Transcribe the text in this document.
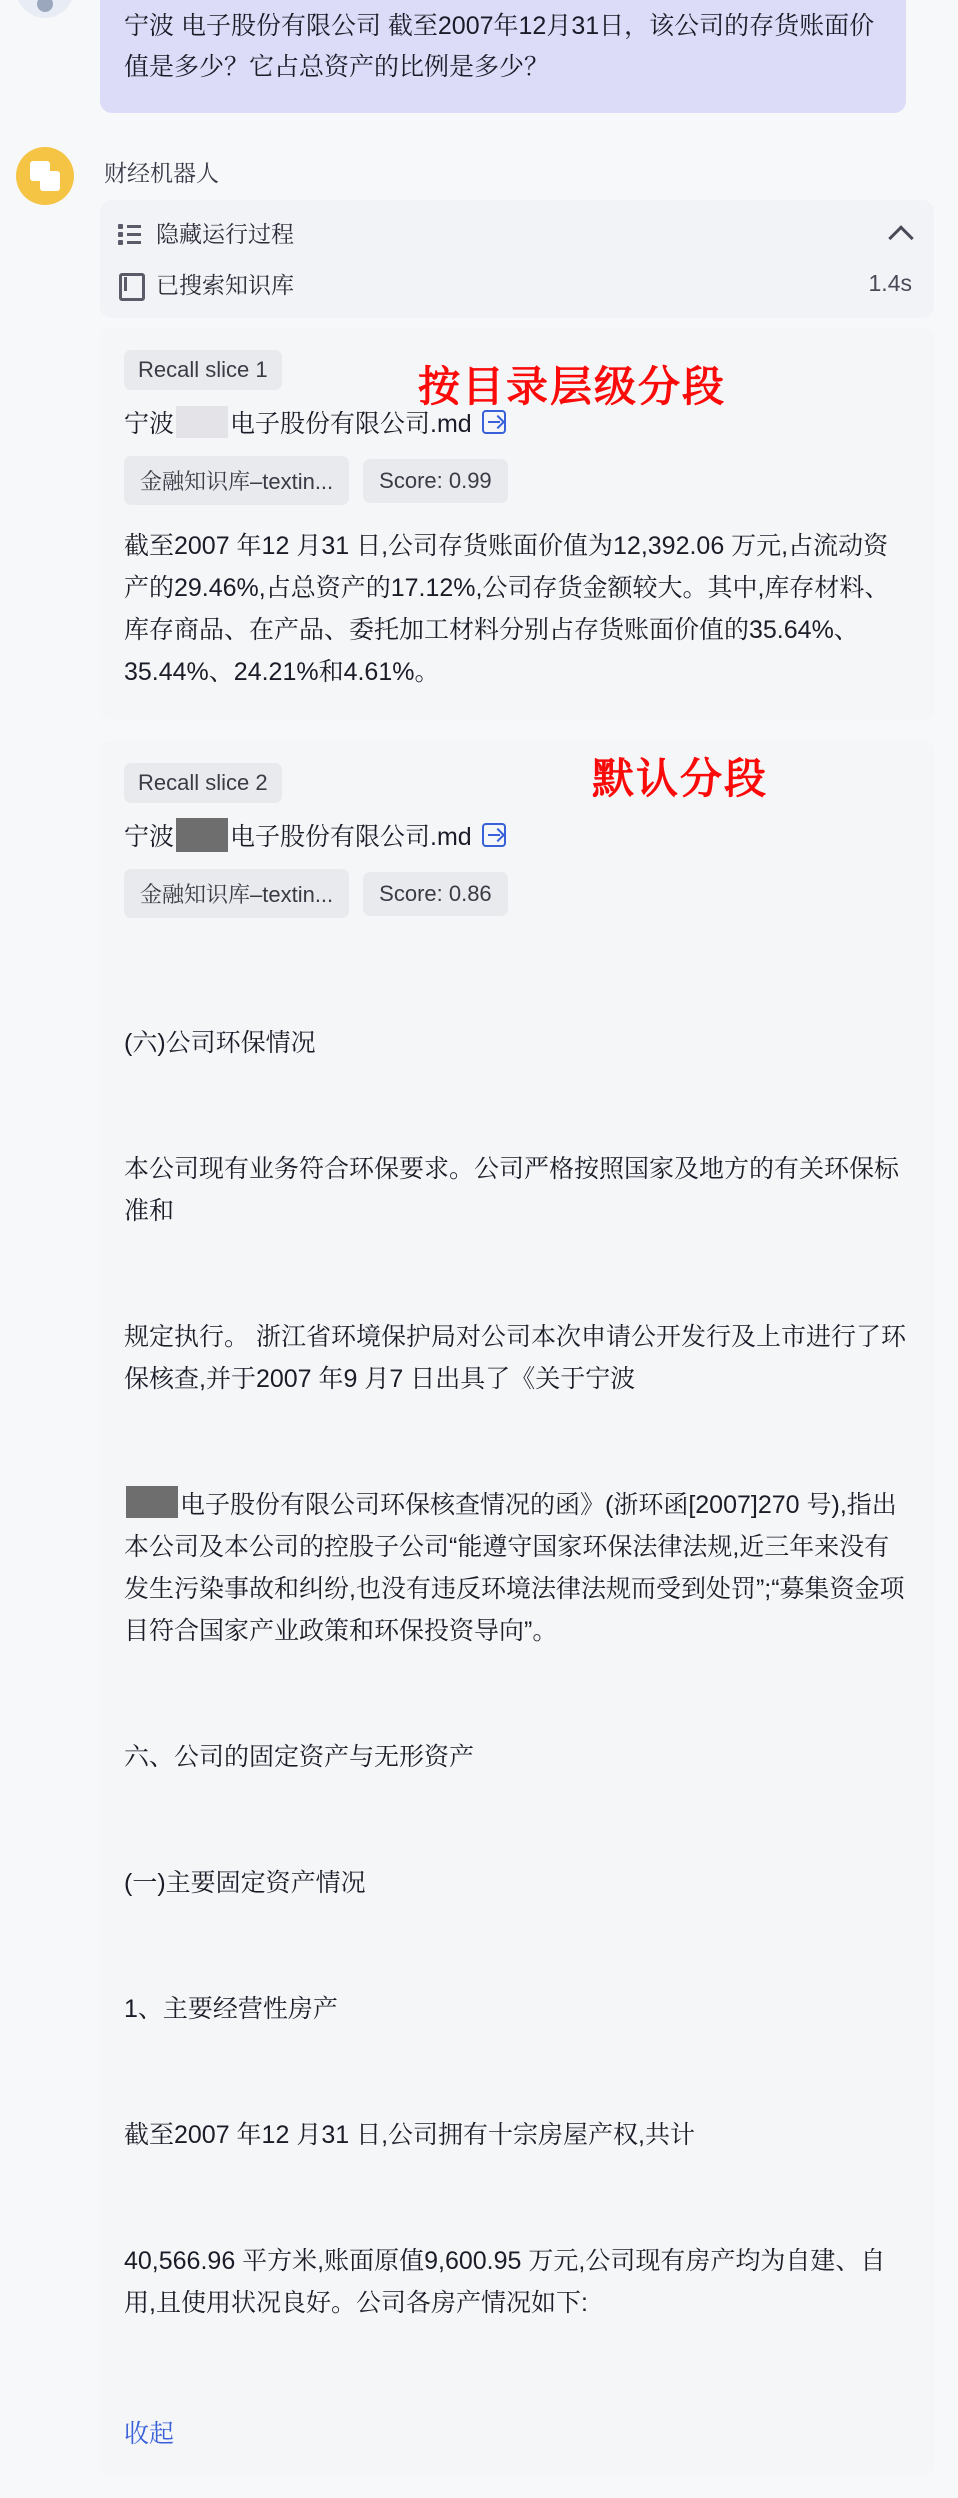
宁波 电子股份有限公司 截至2007年12月31日，该公司的存货账面价值是多少？它占总资产的比例是多少？
财经机器人
隐藏运行过程
已搜索知识库	1.4s
Recall slice 1
宁波 电子股份有限公司.md
金融知识库–textin...	Score: 0.99
截至2007 年12 月31 日,公司存货账面价值为12,392.06 万元,占流动资产的29.46%,占总资产的17.12%,公司存货金额较大。其中,库存材料、库存商品、在产品、委托加工材料分别占存货账面价值的35.64%、35.44%、24.21%和4.61%。
Recall slice 2
宁波 电子股份有限公司.md
金融知识库–textin...	Score: 0.86

(六)公司环保情况

本公司现有业务符合环保要求。公司严格按照国家及地方的有关环保标准和

规定执行。 浙江省环境保护局对公司本次申请公开发行及上市进行了环保核查,并于2007 年9 月7 日出具了《关于宁波

电子股份有限公司环保核查情况的函》(浙环函[2007]270 号),指出本公司及本公司的控股子公司“能遵守国家环保法律法规,近三年来没有发生污染事故和纠纷,也没有违反环境法律法规而受到处罚”;“募集资金项目符合国家产业政策和环保投资导向”。

六、公司的固定资产与无形资产

(一)主要固定资产情况

1、主要经营性房产

截至2007 年12 月31 日,公司拥有十宗房屋产权,共计

40,566.96 平方米,账面原值9,600.95 万元,公司现有房产均为自建、自用,且使用状况良好。公司各房产情况如下:

收起
按目录层级分段
默认分段
